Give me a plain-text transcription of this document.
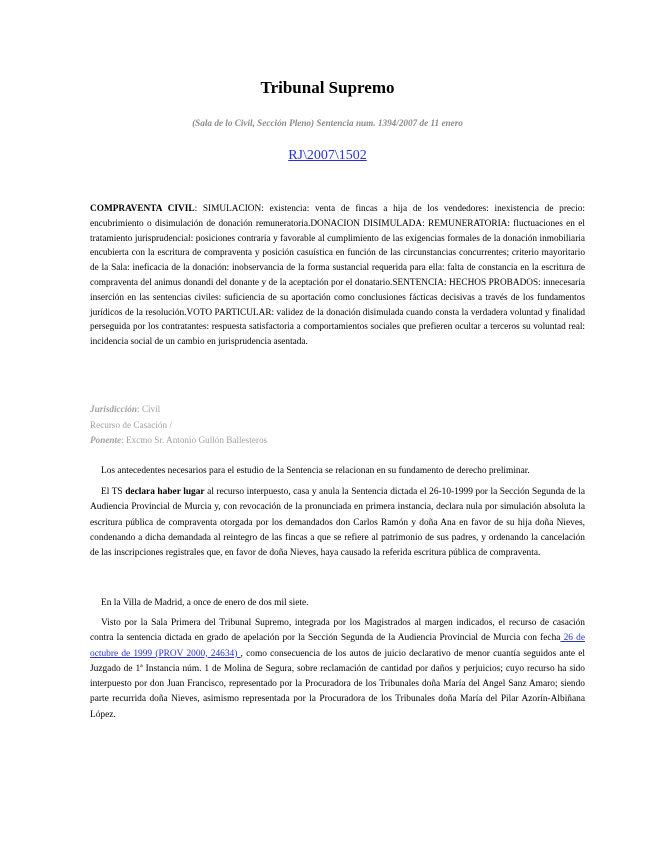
Tribunal Supremo
(Sala de lo Civil, Sección Pleno) Sentencia num. 1394/2007 de 11 enero
RJ\2007\1502
COMPRAVENTA CIVIL: SIMULACION: existencia: venta de fincas a hija de los vendedores: inexistencia de precio: encubrimiento o disimulación de donación remuneratoria.DONACION DISIMULADA: REMUNERATORIA: fluctuaciones en el tratamiento jurisprudencial: posiciones contraria y favorable al cumplimiento de las exigencias formales de la donación inmobiliaria encubierta con la escritura de compraventa y posición casuística en función de las circunstancias concurrentes; criterio mayoritario de la Sala: ineficacia de la donación: inobservancia de la forma sustancial requerida para ella: falta de constancia en la escritura de compraventa del animus donandi del donante y de la aceptación por el donatario.SENTENCIA: HECHOS PROBADOS: innecesaria inserción en las sentencias civiles: suficiencia de su aportación como conclusiones fácticas decisivas a través de los fundamentos jurídicos de la resolución.VOTO PARTICULAR: validez de la donación disimulada cuando consta la verdadera voluntad y finalidad perseguida por los contratantes: respuesta satisfactoria a comportamientos sociales que prefieren ocultar a terceros su voluntad real: incidencia social de un cambio en jurisprudencia asentada.
Jurisdicción: Civil
Recurso de Casación /
Ponente: Excmo Sr. Antonio Gullón Ballesteros
Los antecedentes necesarios para el estudio de la Sentencia se relacionan en su fundamento de derecho preliminar.
El TS declara haber lugar al recurso interpuesto, casa y anula la Sentencia dictada el 26-10-1999 por la Sección Segunda de la Audiencia Provincial de Murcia y, con revocación de la pronunciada en primera instancia, declara nula por simulación absoluta la escritura pública de compraventa otorgada por los demandados don Carlos Ramón y doña Ana en favor de su hija doña Nieves, condenando a dicha demandada al reintegro de las fincas a que se refiere al patrimonio de sus padres, y ordenando la cancelación de las inscripciones registrales que, en favor de doña Nieves, haya causado la referida escritura pública de compraventa.
En la Villa de Madrid, a once de enero de dos mil siete.
Visto por la Sala Primera del Tribunal Supremo, integrada por los Magistrados al margen indicados, el recurso de casación contra la sentencia dictada en grado de apelación por la Sección Segunda de la Audiencia Provincial de Murcia con fecha 26 de octubre de 1999 (PROV 2000, 24634) , como consecuencia de los autos de juicio declarativo de menor cuantía seguidos ante el Juzgado de 1ª Instancia núm. 1 de Molina de Segura, sobre reclamación de cantidad por daños y perjuicios; cuyo recurso ha sido interpuesto por don Juan Francisco, representado por la Procuradora de los Tribunales doña María del Angel Sanz Amaro; siendo parte recurrida doña Nieves, asimismo representada por la Procuradora de los Tribunales doña María del Pilar Azorín-Albiñana López.
